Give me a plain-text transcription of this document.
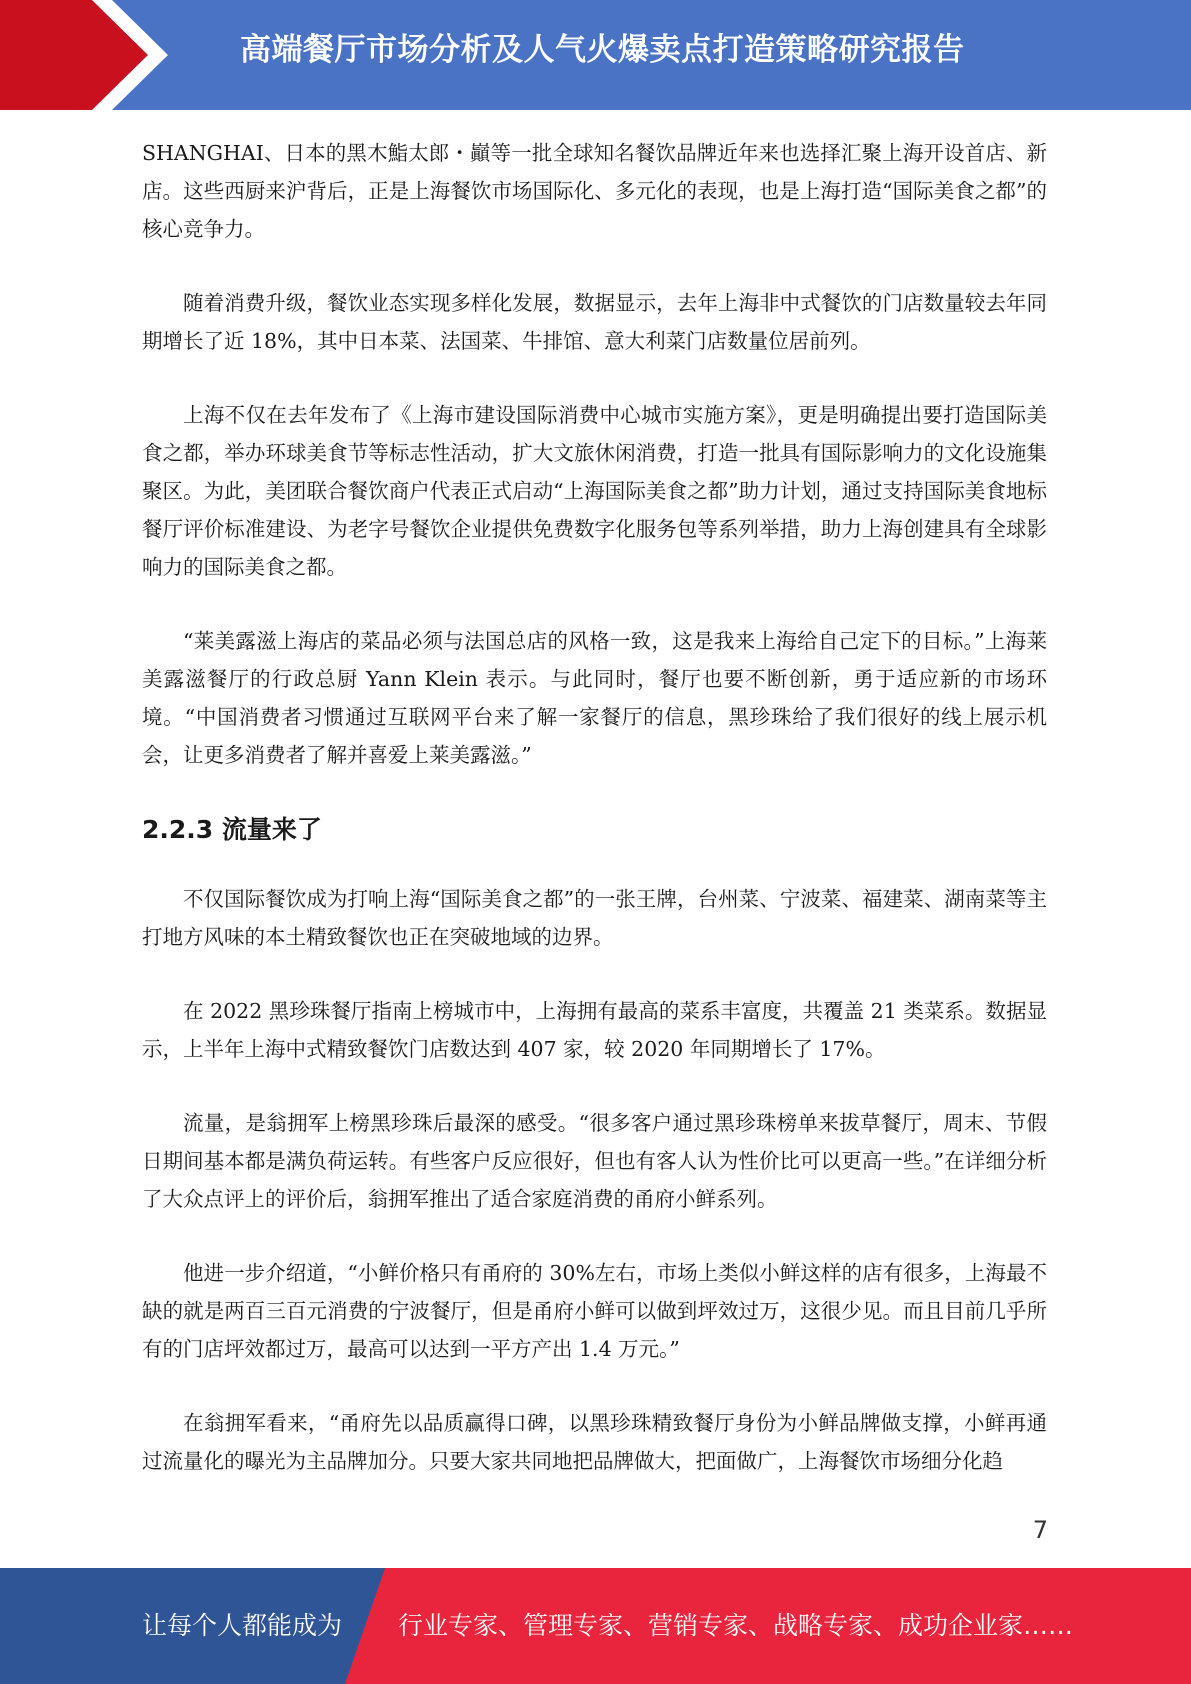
高端餐厅市场分析及人气火爆卖点打造策略研究报告

SHANGHAI、日本的黑木鮨太郎・巓等一批全球知名餐饮品牌近年来也选择汇聚上海开设首店、新店。这些西厨来沪背后，正是上海餐饮市场国际化、多元化的表现，也是上海打造“国际美食之都”的核心竞争力。

随着消费升级，餐饮业态实现多样化发展，数据显示，去年上海非中式餐饮的门店数量较去年同期增长了近 18%，其中日本菜、法国菜、牛排馆、意大利菜门店数量位居前列。

上海不仅在去年发布了《上海市建设国际消费中心城市实施方案》，更是明确提出要打造国际美食之都，举办环球美食节等标志性活动，扩大文旅休闲消费，打造一批具有国际影响力的文化设施集聚区。为此，美团联合餐饮商户代表正式启动“上海国际美食之都”助力计划，通过支持国际美食地标餐厅评价标准建设、为老字号餐饮企业提供免费数字化服务包等系列举措，助力上海创建具有全球影响力的国际美食之都。

“莱美露滋上海店的菜品必须与法国总店的风格一致，这是我来上海给自己定下的目标。”上海莱美露滋餐厅的行政总厨 Yann Klein 表示。与此同时，餐厅也要不断创新，勇于适应新的市场环境。“中国消费者习惯通过互联网平台来了解一家餐厅的信息，黑珍珠给了我们很好的线上展示机会，让更多消费者了解并喜爱上莱美露滋。”

2.2.3 流量来了

不仅国际餐饮成为打响上海“国际美食之都”的一张王牌，台州菜、宁波菜、福建菜、湖南菜等主打地方风味的本土精致餐饮也正在突破地域的边界。

在 2022 黑珍珠餐厅指南上榜城市中，上海拥有最高的菜系丰富度，共覆盖 21 类菜系。数据显示，上半年上海中式精致餐饮门店数达到 407 家，较 2020 年同期增长了 17%。

流量，是翁拥军上榜黑珍珠后最深的感受。“很多客户通过黑珍珠榜单来拔草餐厅，周末、节假日期间基本都是满负荷运转。有些客户反应很好，但也有客人认为性价比可以更高一些。”在详细分析了大众点评上的评价后，翁拥军推出了适合家庭消费的甬府小鲜系列。

他进一步介绍道，“小鲜价格只有甬府的 30%左右，市场上类似小鲜这样的店有很多，上海最不缺的就是两百三百元消费的宁波餐厅，但是甬府小鲜可以做到坪效过万，这很少见。而且目前几乎所有的门店坪效都过万，最高可以达到一平方产出 1.4 万元。”

在翁拥军看来，“甬府先以品质赢得口碑，以黑珍珠精致餐厅身份为小鲜品牌做支撑，小鲜再通过流量化的曝光为主品牌加分。只要大家共同地把品牌做大，把面做广，上海餐饮市场细分化趋

7
让每个人都能成为 行业专家、管理专家、营销专家、战略专家、成功企业家……
